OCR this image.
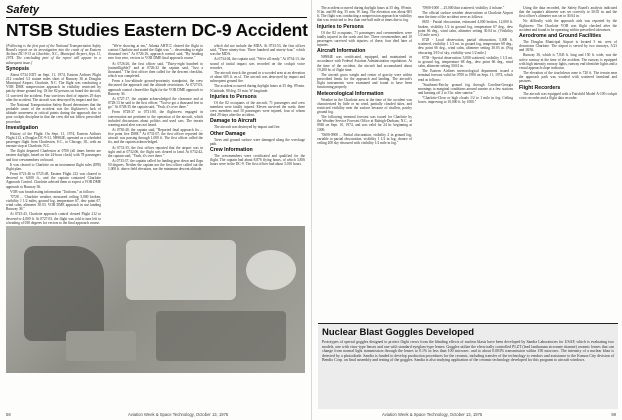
Safety
NTSB Studies Eastern DC-9 Accident

[Following is the first part of the National Transportation Safety Board's report on its investigation into the crash of an Eastern Airlines DC-9-31 at Charlotte, N.C., Municipal Airport, Sept. 11, 1974. The concluding part of the report will appear in a subsequent issue.]

Synopsis

About 0734 EDT on Sept. 11, 1974, Eastern Airlines Flight 212 crashed 3.3 statute miles short of Runway 36 at Douglas Municipal Airport, Charlotte, N.C. The flight was conducting a VOR DME nonprecision approach in visibility restricted by patchy dense ground fog. Of the 82 persons on board the aircraft, 11 survived the accident. Four survivors died of injuries 29 days after the accident. The aircraft was destroyed by impact and fire.

The National Transportation Safety Board determines that the probable cause of the accident was the flightcrew's lack of altitude awareness at critical points during the approach due to poor cockpit discipline in that the crew did not follow prescribed procedure.

Investigation

History of the Flight: On Sept. 11, 1974, Eastern Airlines Flight 212, a Douglas DC-9-31, N8984E, operated as a scheduled passenger flight from Charleston, S.C., to Chicago, Ill., with an enroute stop at Charlotte, N.C.

The flight departed Charleston at 0700 (all times herein are eastern daylight, based on the 24-hour clock) with 78 passengers and four crewmembers on board.

It was cleared to Charlotte on an instrument flight rules (IFR) flight plan.

From 0721:46 to 0725:48, Eastern Flight 212 was cleared to descend to 6,000 ft., and the captain contacted Charlotte Approach Control. Charlotte advised them to expect a VOR DME approach to Runway 36.

VOR was broadcasting information "Uniform," as follows:

"0728 ... Charlotte weather, measured ceiling 5,000 broken, visibility 1 1/2 miles, ground fog, temperature 67, dew point 67, wind calm, altimeter 30.03. VOR DME approach in use landing Runway 36."

At 0725:43, Charlotte approach control cleared Flight 212 to descend to 4,000 ft. At 0727:03, the flight was told to turn left to a heading of 030 degrees for vectors to the final approach course.

"We're showing at ten," Atlanta ARTCC cleared the flight to contact Charlotte and stated the flight was "... descending to eight thousand feet." At 0726:16, approach control said, "By heading zero four zero, vectors to VOR DME final approach course."

At 0726:26, the first officer said, "Thirty-eight hundred to (unintelligible)" and at 0726:32 the captain said, "Just a thousand." The first officer then called for the descent checklist, which was completed.

From a low-altitude ground-proximity standpoint, the crew discussed the approach and the altitude restrictions. At 0727:03, approach control cleared the flight for the VOR DME approach to Runway 36.

At 0727:17, the captain acknowledged the clearance and at 0728:13 he said to the first officer, "You've got a thousand feet to go." At 0728:35 the captain said, "Yeah, it's over there."

From 0728:37 to 0731:00, the flightcrew engaged in conversation not pertinent to the operation of the aircraft, which included discussions about politics and used cars. The terrain warning aural alert was not heard.

At 0730:40, the captain said, "Reported final approach fix ... five point five DME." At 0731:07, the first officer reported the aircraft was passing through 1,000 ft. The first officer called the fix, and the captain acknowledged.

At 0731:35, the first officer reported that the airport was in sight and at 0732:06, the flight was cleared to land. At 0732:42, the captain said, "Yeah, it's over there."

At 0733:37, the captain called for landing gear down and flaps 50 degrees. Neither the captain nor the first officer called out the 1,000 ft. above field elevation, nor the minimum descent altitude.

which did not include the MDA. At 0733:53, the first officer said, "Three ninety-four. Three hundred and ninety-four," which was the MDA.

At 0734:04, the captain said, "We're all ready." At 0734:13, the sound of initial impact was recorded on the cockpit voice recorder.

The aircraft struck the ground in a wooded area at an elevation of about 605 ft. m.s.l. The aircraft was destroyed by impact and subsequent ground fire.

The accident occurred during daylight hours at 35 deg. 09 min. N latitude, 80 deg. 55 min. W longitude.

Injuries to Persons

Of the 82 occupants of the aircraft, 71 passengers and crew members were fatally injured. Eleven survived the crash; three crew members and 10 passengers were injured, four of whom died 29 days after the accident.

Damage to Aircraft

The aircraft was destroyed by impact and fire.

Other Damage

Trees and ground surface were damaged along the wreckage path.

Crew Information

The crewmembers were certificated and qualified for the flight. The captain had about 8,876 flying hours, of which 3,856 hours were in the DC-9. The first officer had about 3,016 hours.

58	Aviation Week & Space Technology, October 13, 1975

The accident occurred during daylight hours at 35 deg. 09 min. N lat. and 80 deg. 55 min. W. long. The elevation was about 605 ft. The flight was conducting a nonprecision approach in visibility that was restricted to less than one-half mile at times due to fog.

Injuries to Persons

Of the 82 occupants, 71 passengers and crewmembers were fatally injured in the crash and fire. Three crewmembers and 10 passengers survived with injuries; of these, four died later of injuries.

Aircraft Information

N8984E was certificated, equipped, and maintained in accordance with Federal Aviation Administration regulations. At the time of the accident, the aircraft had accumulated about 19,200 hr. of flight time.

The aircraft gross weight and center of gravity were within prescribed limits for the approach and landing. The aircraft's flight instruments were examined and found to have been functioning properly.

Meteorological Information

Weather in the Charlotte area at the time of the accident was characterized by little or no wind, partially clouded skies, and restricted visibility near the surface because of shallow, patchy ground fog.

The following terminal forecast was issued for Charlotte by the Weather Service Forecast Office at Raleigh-Durham, N.C., at 0940 on Sept. 10, 1974, and was valid for 24 hr. beginning at 1000:

"0600-0900 ... Partial obscuration, visibility 2 in ground fog, variable to partial obscuration, visibility 1 1/2 in fog, chance of ceiling 200 sky obscured with visibility 1/2 mile in fog."

"0900-1000 ... 25,000 thin scattered, visibility 4 in haze."

The official surface weather observations at Charlotte Airport near the time of the accident were as follows:

0655 - Partial obscuration, estimated 4,000 broken, 12,000 ft. broken, visibility 1/2 in ground fog, temperature 67 deg., dew point 66 deg., wind calm, altimeter setting 30.04 in. (Visibility 1/2 mile west).

0728 - Local observation, partial obscuration, 5,000 ft. scattered, visibility 1 1/2 mi. in ground fog, temperature 68 deg., dew point 66 deg., wind calm, altimeter setting 30.03 in. (Fog obscuring 3/10 of sky, visibility west 1/2 mile.)

0738 - Special observation: 5,000 scattered, visibility 1 1/2 mi. in ground fog, temperature 68 deg., dew point 66 deg., wind calm, altimeter setting 30.04 in.

The Eastern Airlines meteorological department issued a terminal forecast valid for 0700 to 1900 on Sept. 11, 1974, which read as follows:

"Southeast-Patchy ground fog through Carolina-Georgia mornings to marginal conditions around sunrise at a few stations and burning off 2 to 3 hr. after sunrise."

"Charlotte-Clear or high clouds 1/2 to 1 mile in fog. Ceiling lower, improving to 10,000 ft. by 1000."

Using the data recorded, the Safety Board's analysis indicated that the captain's altimeter was set correctly to 30.03 in. and the first officer's altimeter was set to 30.04 in.

No difficulty with the approach aids was reported by the flightcrew. The Charlotte VOR was flight checked after the accident and found to be operating within prescribed tolerances.

Aerodrome and Ground Facilities

The Douglas Municipal Airport is located 5 mi. west of downtown Charlotte. The airport is served by two runways, 5/23 and 18/36.

Runway 36, which is 7,845 ft. long and 150 ft. wide, was the active runway at the time of the accident. The runway is equipped with high intensity runway lights, runway end identifier lights and a visual approach slope indicator.

The elevation of the touchdown zone is 720 ft. The terrain near the approach path was wooded with scattered farmland and pastures.

Flight Recorders

The aircraft was equipped with a Fairchild Model A-100 cockpit voice recorder and a flight data recorder.

Nuclear Blast Goggles Developed
Prototypes of special goggles designed to protect flight crews from the blinding effects of nuclear blasts have been developed by Sandia Laboratories for USAF, which is evaluating two models, one with visor-type lenses and one with standard eyeglass-type lenses. Goggles utilize the electrically controlled PLZT (lead lanthanum zirconate titanate) ceramic lenses that can change from normal light transmission through the lenses to 0.1% in less than 100 microsec. and to about 0.003% transmission within 150 microsec. The intensity of a nuclear blast is detected by a photodiode. Sandia is funded to develop production procedures for the ceramic, including transfer of the technology to vendors and assistance to the Kansas City division of Bendix Corp. on final assembly and testing of the goggles. Sandia is also studying application of the ceramic technology developed for this program to aircraft windows.
Aviation Week & Space Technology, October 13, 1975	59
